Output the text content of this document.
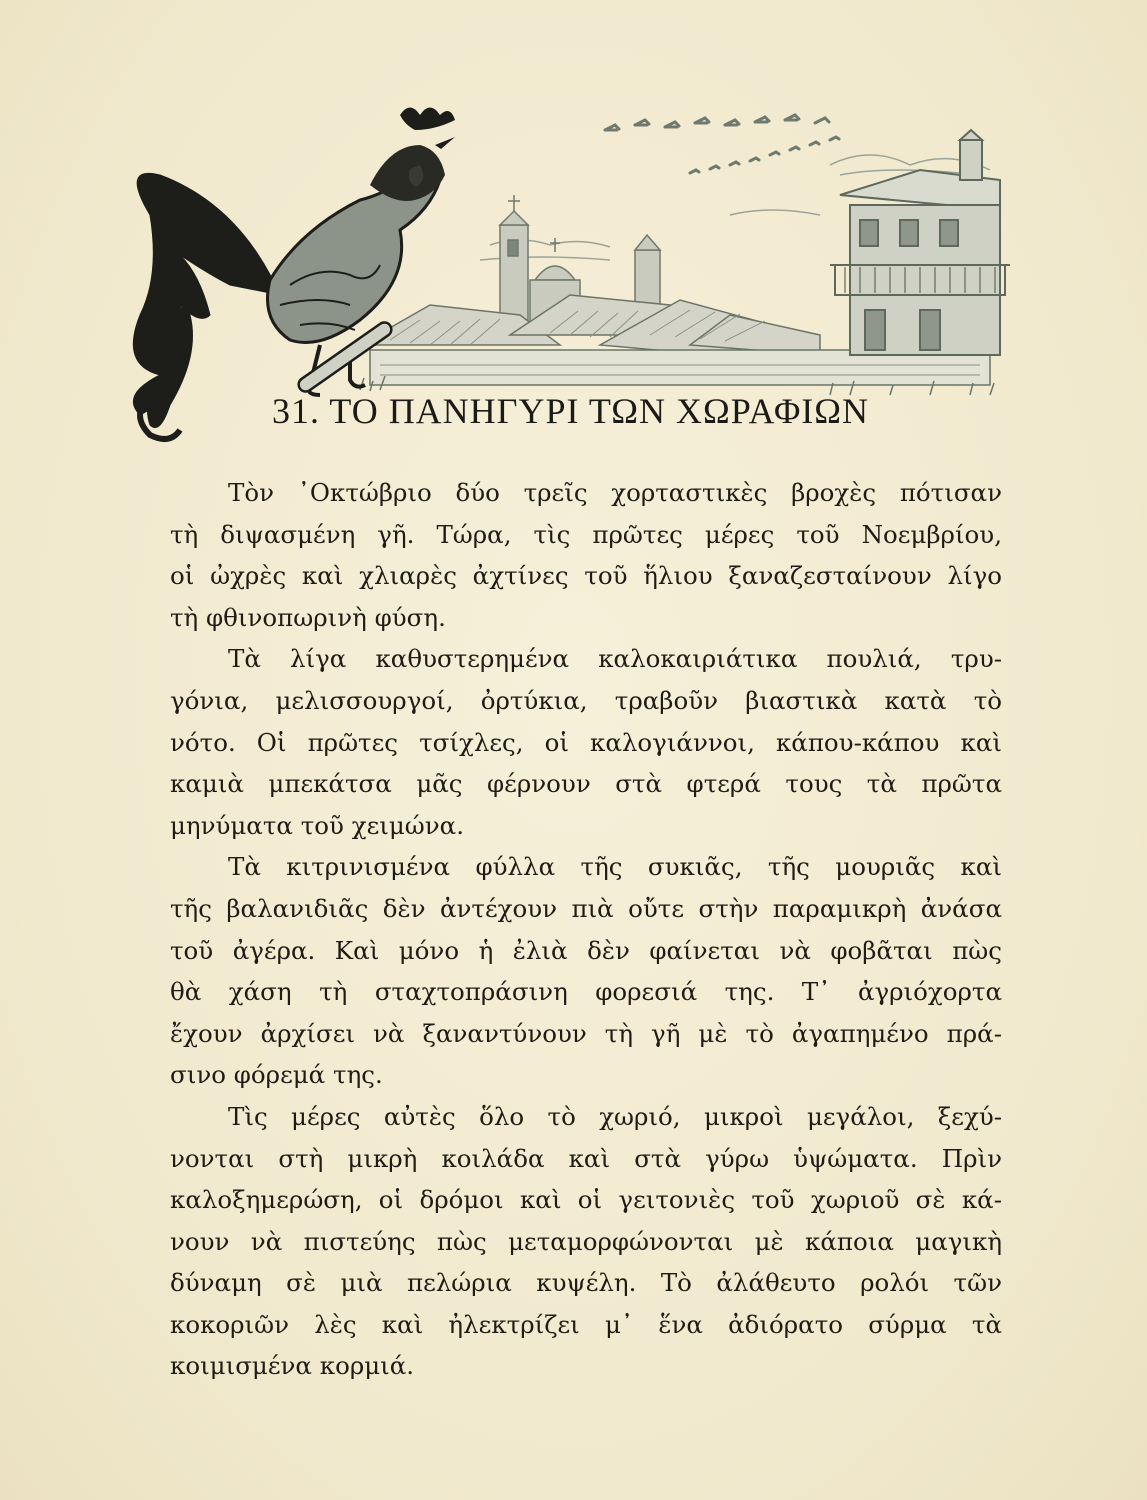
31. ΤΟ ΠΑΝΗΓΥΡΙ ΤΩΝ ΧΩΡΑΦΙΩΝ
Τὸν ᾿Οκτώβριο δύο τρεῖς χορταστικὲς βροχὲς πότισαν
τὴ διψασμένη γῆ. Τώρα, τὶς πρῶτες μέρες τοῦ Νοεμβρίου,
οἱ ὠχρὲς καὶ χλιαρὲς ἀχτίνες τοῦ ἥλιου ξαναζεσταίνουν λίγο
τὴ φθινοπωρινὴ φύση.
Τὰ λίγα καθυστερημένα καλοκαιριάτικα πουλιά, τρυ-
γόνια, μελισσουργοί, ὀρτύκια, τραβοῦν βιαστικὰ κατὰ τὸ
νότο. Οἱ πρῶτες τσίχλες, οἱ καλογιάννοι, κάπου-κάπου καὶ
καμιὰ μπεκάτσα μᾶς φέρνουν στὰ φτερά τους τὰ πρῶτα
μηνύματα τοῦ χειμώνα.
Τὰ κιτρινισμένα φύλλα τῆς συκιᾶς, τῆς μουριᾶς καὶ
τῆς βαλανιδιᾶς δὲν ἀντέχουν πιὰ οὔτε στὴν παραμικρὴ ἀνάσα
τοῦ ἀγέρα. Καὶ μόνο ἡ ἐλιὰ δὲν φαίνεται νὰ φοβᾶται πὼς
θὰ χάση τὴ σταχτοπράσινη φορεσιά της. Τ᾽ ἀγριόχορτα
ἔχουν ἀρχίσει νὰ ξαναντύνουν τὴ γῆ μὲ τὸ ἀγαπημένο πρά-
σινο φόρεμά της.
Τὶς μέρες αὐτὲς ὅλο τὸ χωριό, μικροὶ μεγάλοι, ξεχύ-
νονται στὴ μικρὴ κοιλάδα καὶ στὰ γύρω ὑψώματα. Πρὶν
καλοξημερώση, οἱ δρόμοι καὶ οἱ γειτονιὲς τοῦ χωριοῦ σὲ κά-
νουν νὰ πιστεύης πὼς μεταμορφώνονται μὲ κάποια μαγικὴ
δύναμη σὲ μιὰ πελώρια κυψέλη. Τὸ ἀλάθευτο ρολόι τῶν
κοκοριῶν λὲς καὶ ἠλεκτρίζει μ᾽ ἕνα ἀδιόρατο σύρμα τὰ
κοιμισμένα κορμιά.
